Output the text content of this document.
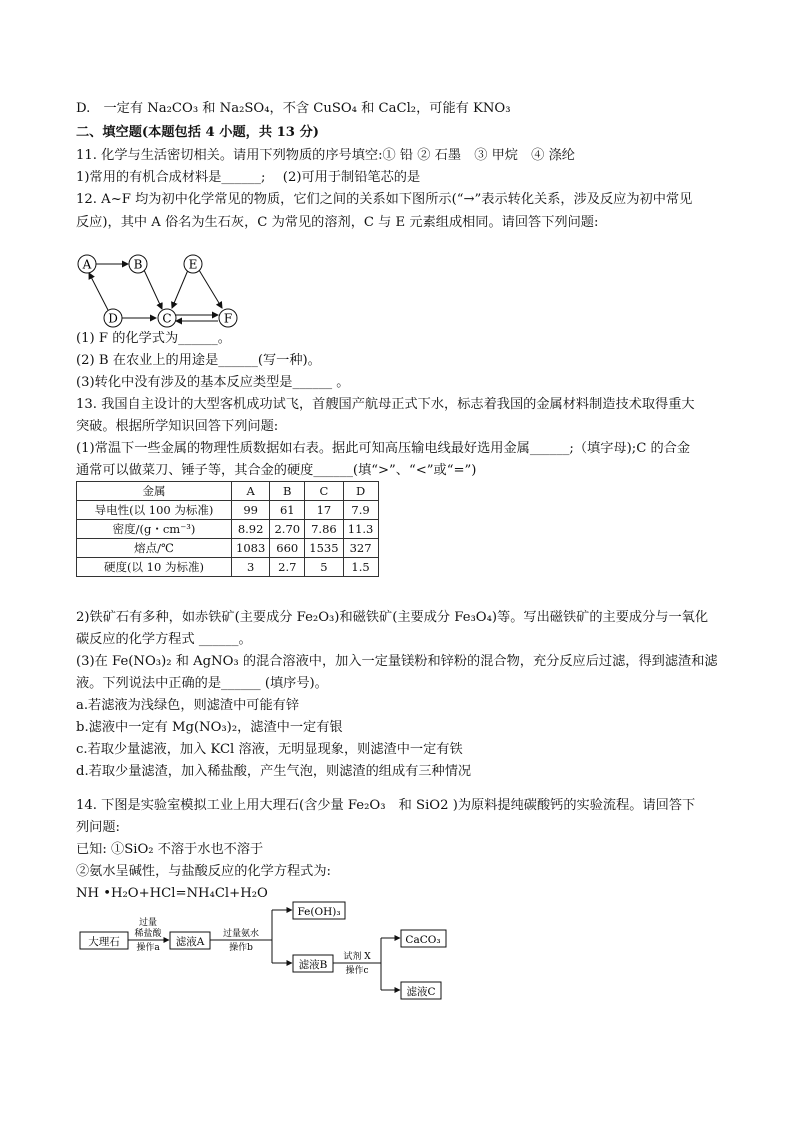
D.　一定有 Na₂CO₃ 和 Na₂SO₄，不含 CuSO₄ 和 CaCl₂，可能有 KNO₃
二、填空题(本题包括 4 小题，共 13 分)
11. 化学与生活密切相关。请用下列物质的序号填空:① 铅 ② 石墨　③ 甲烷　④ 涤纶
1)常用的有机合成材料是______;　 (2)可用于制铅笔芯的是
12. A~F 均为初中化学常见的物质，它们之间的关系如下图所示(“→”表示转化关系，涉及反应为初中常见
反应)，其中 A 俗名为生石灰，C 为常见的溶剂，C 与 E 元素组成相同。请回答下列问题:
A	B	E
D	C	F
(1) F 的化学式为______。
(2) B 在农业上的用途是______(写一种)。
(3)转化中没有涉及的基本反应类型是______ 。
13. 我国自主设计的大型客机成功试飞，首艘国产航母正式下水，标志着我国的金属材料制造技术取得重大
突破。根据所学知识回答下列问题:
(1)常温下一些金属的物理性质数据如右表。据此可知高压输电线最好选用金属______;（填字母);C 的合金
通常可以做菜刀、锤子等，其合金的硬度______(填“>”、“<”或“=”)
金属	A	B	C	D
导电性(以 100 为标准)	99	61	17	7.9
密度/(g・cm⁻³)	8.92	2.70	7.86	11.3
熔点/℃	1083	660	1535	327
硬度(以 10 为标准)	3	2.7	5	1.5
2)铁矿石有多种，如赤铁矿(主要成分 Fe₂O₃)和磁铁矿(主要成分 Fe₃O₄)等。写出磁铁矿的主要成分与一氧化
碳反应的化学方程式 ______。
(3)在 Fe(NO₃)₂ 和 AgNO₃ 的混合溶液中，加入一定量镁粉和锌粉的混合物，充分反应后过滤，得到滤渣和滤
液。下列说法中正确的是______ (填序号)。
a.若滤液为浅绿色，则滤渣中可能有锌
b.滤液中一定有 Mg(NO₃)₂，滤渣中一定有银
c.若取少量滤液，加入 KCl 溶液，无明显现象，则滤渣中一定有铁
d.若取少量滤渣，加入稀盐酸，产生气泡，则滤渣的组成有三种情况
14. 下图是实验室模拟工业上用大理石(含少量 Fe₂O₃　和 SiO2 )为原料提纯碳酸钙的实验流程。请回答下
列问题:
已知: ①SiO₂ 不溶于水也不溶于
②氨水呈碱性，与盐酸反应的化学方程式为:
NH •H₂O+HCl=NH₄Cl+H₂O
大理石	滤液A
Fe(OH)₃
滤液B
CaCO₃
滤液C
过量
稀盐酸
操作a
过量氨水
操作b
试剂 X
操作c
